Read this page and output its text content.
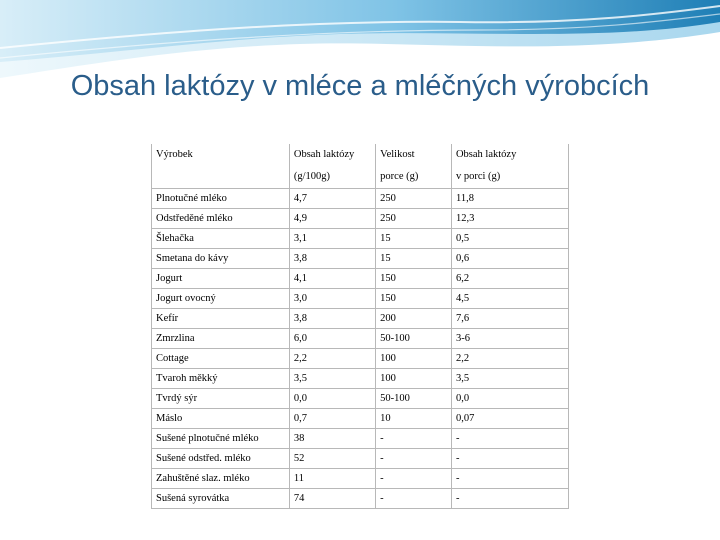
Obsah laktózy v mléce a mléčných výrobcích
Výrobek	Obsah laktózy	Velikost	Obsah laktózy
	(g/100g)	porce (g)	v porci (g)
Plnotučné mléko	4,7	250	11,8
Odstředěné mléko	4,9	250	12,3
Šlehačka	3,1	15	0,5
Smetana do kávy	3,8	15	0,6
Jogurt	4,1	150	6,2
Jogurt ovocný	3,0	150	4,5
Kefír	3,8	200	7,6
Zmrzlina	6,0	50-100	3-6
Cottage	2,2	100	2,2
Tvaroh měkký	3,5	100	3,5
Tvrdý sýr	0,0	50-100	0,0
Máslo	0,7	10	0,07
Sušené plnotučné mléko	38	-	-
Sušené odstřed. mléko	52	-	-
Zahuštěné slaz. mléko	11	-	-
Sušená syrovátka	74	-	-
